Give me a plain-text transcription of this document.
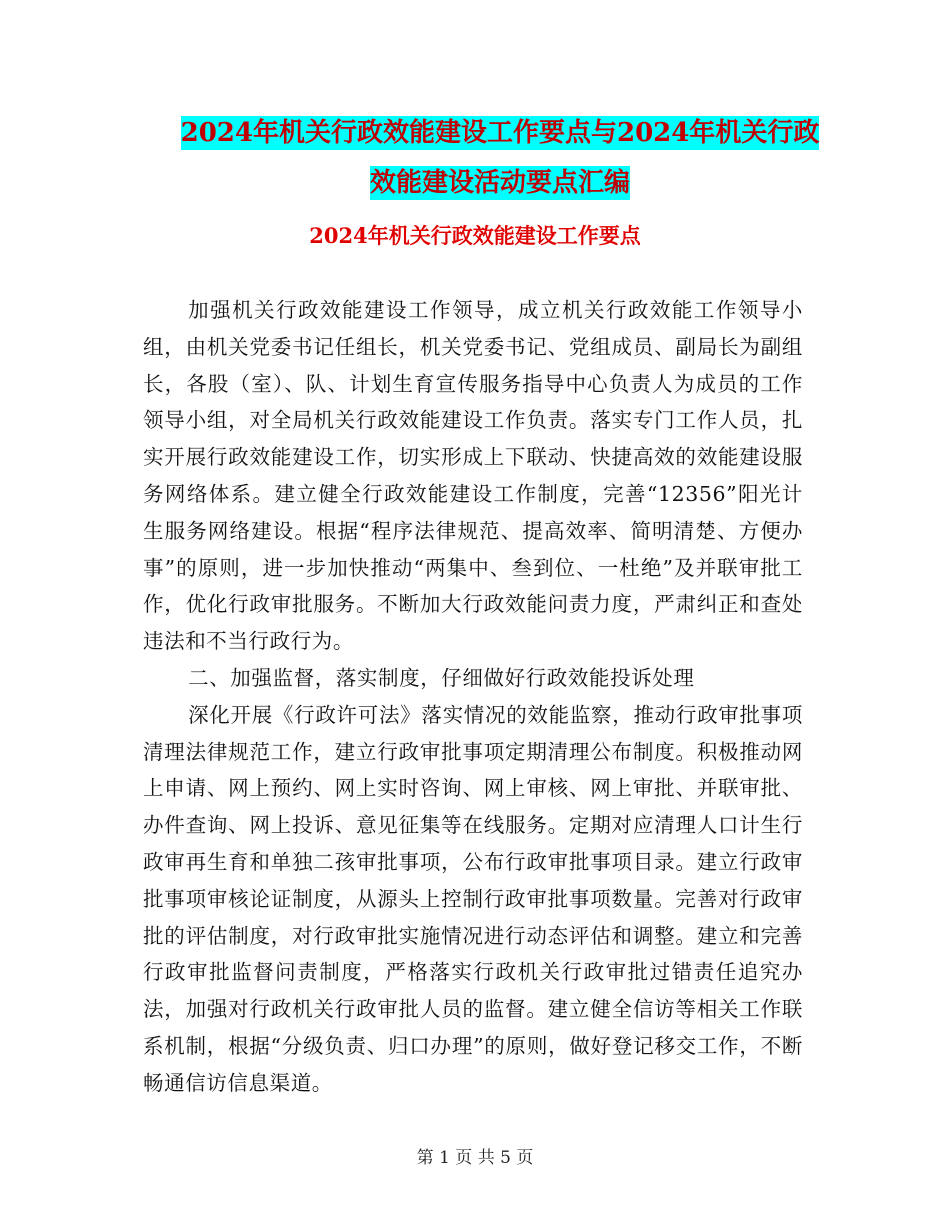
2024年机关行政效能建设工作要点与2024年机关行政
效能建设活动要点汇编
2024年机关行政效能建设工作要点

加强机关行政效能建设工作领导，成立机关行政效能工作领导小组，由机关党委书记任组长，机关党委书记、党组成员、副局长为副组长，各股（室）、队、计划生育宣传服务指导中心负责人为成员的工作领导小组，对全局机关行政效能建设工作负责。落实专门工作人员，扎实开展行政效能建设工作，切实形成上下联动、快捷高效的效能建设服务网络体系。建立健全行政效能建设工作制度，完善“12356”阳光计生服务网络建设。根据“程序法律规范、提高效率、简明清楚、方便办事”的原则，进一步加快推动“两集中、叁到位、一杜绝”及并联审批工作，优化行政审批服务。不断加大行政效能问责力度，严肃纠正和查处违法和不当行政行为。

二、加强监督，落实制度，仔细做好行政效能投诉处理

深化开展《行政许可法》落实情况的效能监察，推动行政审批事项清理法律规范工作，建立行政审批事项定期清理公布制度。积极推动网上申请、网上预约、网上实时咨询、网上审核、网上审批、并联审批、办件查询、网上投诉、意见征集等在线服务。定期对应清理人口计生行政审再生育和单独二孩审批事项，公布行政审批事项目录。建立行政审批事项审核论证制度，从源头上控制行政审批事项数量。完善对行政审批的评估制度，对行政审批实施情况进行动态评估和调整。建立和完善行政审批监督问责制度，严格落实行政机关行政审批过错责任追究办法，加强对行政机关行政审批人员的监督。建立健全信访等相关工作联系机制，根据“分级负责、归口办理”的原则，做好登记移交工作，不断畅通信访信息渠道。

第 1 页 共 5 页
